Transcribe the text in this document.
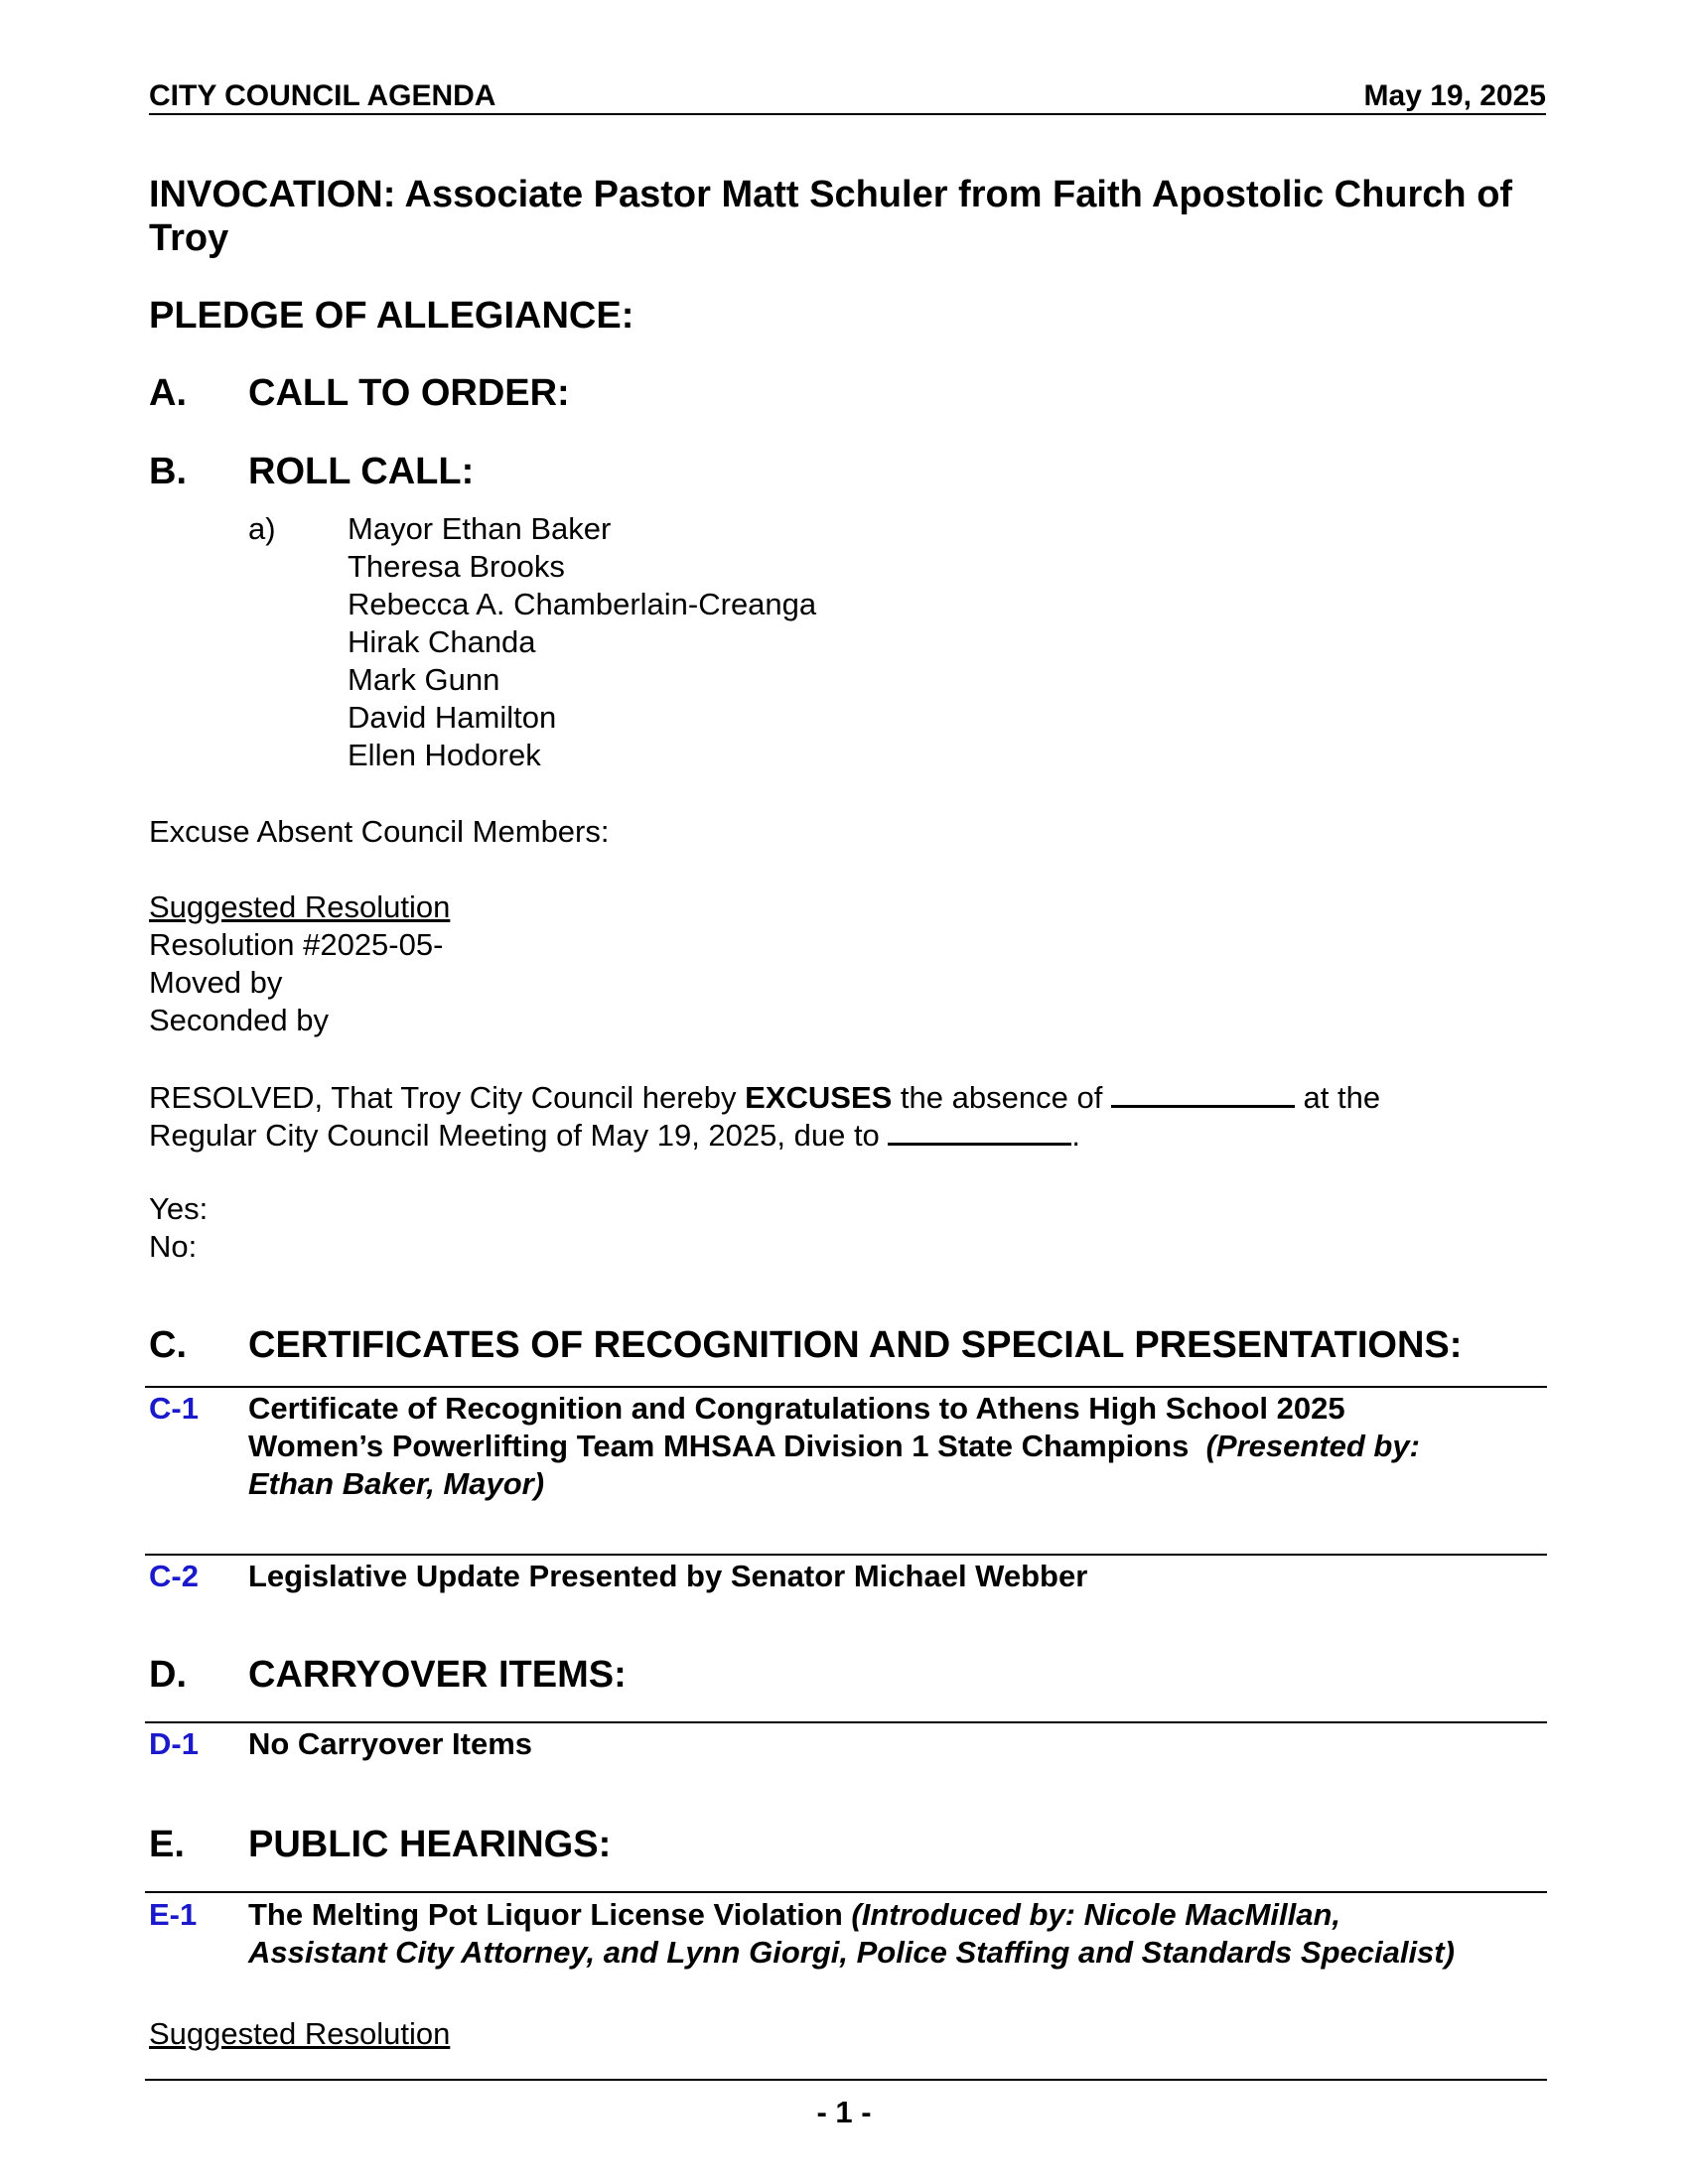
CITY COUNCIL AGENDA	May 19, 2025
INVOCATION: Associate Pastor Matt Schuler from Faith Apostolic Church of
Troy
PLEDGE OF ALLEGIANCE:
A. CALL TO ORDER:
B. ROLL CALL:
a) Mayor Ethan Baker
Theresa Brooks
Rebecca A. Chamberlain-Creanga
Hirak Chanda
Mark Gunn
David Hamilton
Ellen Hodorek
Excuse Absent Council Members:
Suggested Resolution
Resolution #2025-05-
Moved by
Seconded by
RESOLVED, That Troy City Council hereby EXCUSES the absence of	at the
Regular City Council Meeting of May 19, 2025, due to	.
Yes:
No:
C. CERTIFICATES OF RECOGNITION AND SPECIAL PRESENTATIONS:
C-1 Certificate of Recognition and Congratulations to Athens High School 2025
Women’s Powerlifting Team MHSAA Division 1 State Champions  (Presented by:
Ethan Baker, Mayor)
C-2 Legislative Update Presented by Senator Michael Webber
D. CARRYOVER ITEMS:
D-1 No Carryover Items
E. PUBLIC HEARINGS:
E-1 The Melting Pot Liquor License Violation (Introduced by: Nicole MacMillan,
Assistant City Attorney, and Lynn Giorgi, Police Staffing and Standards Specialist)
Suggested Resolution
- 1 -
